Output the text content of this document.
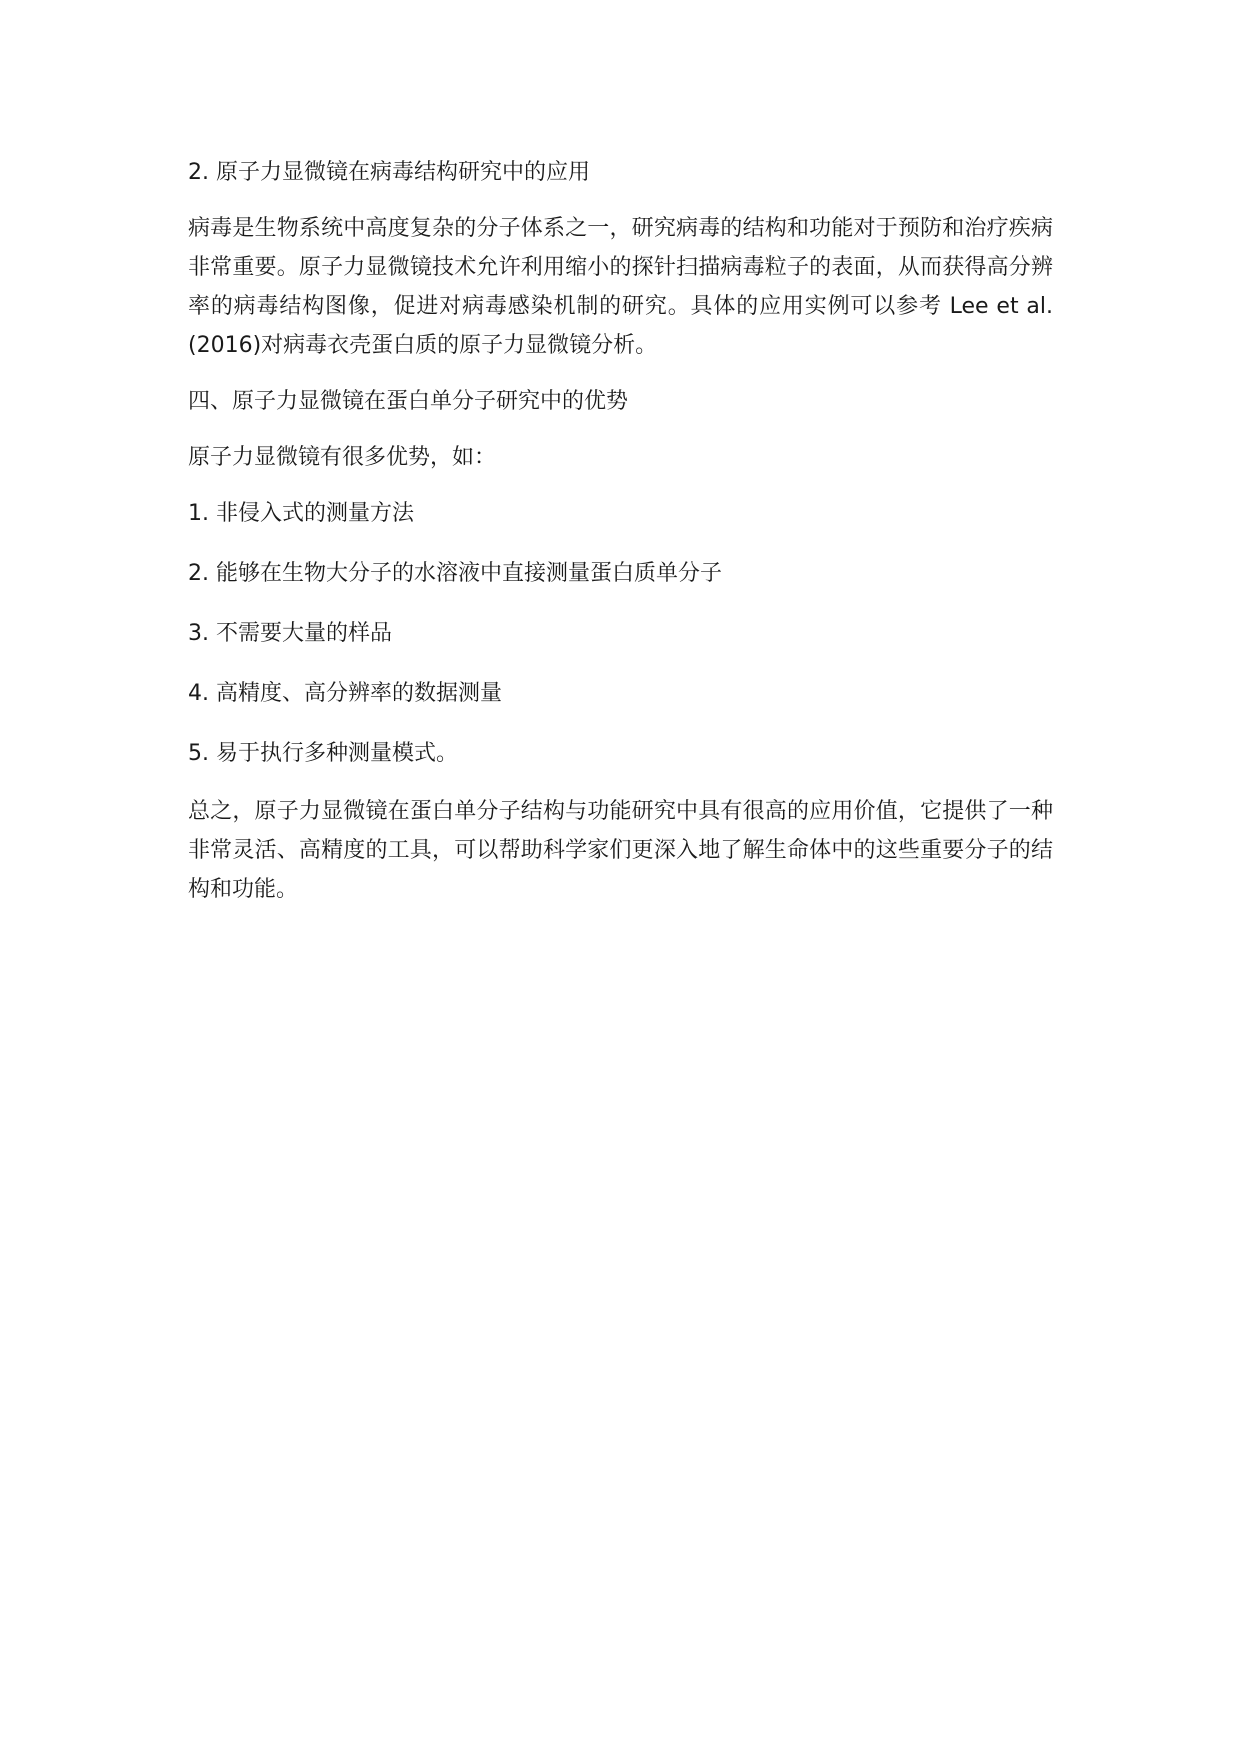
2. 原子力显微镜在病毒结构研究中的应用

病毒是生物系统中高度复杂的分子体系之一，研究病毒的结构和功能对于预防和治疗疾病非常重要。原子力显微镜技术允许利用缩小的探针扫描病毒粒子的表面，从而获得高分辨率的病毒结构图像，促进对病毒感染机制的研究。具体的应用实例可以参考 Lee et al. (2016)对病毒衣壳蛋白质的原子力显微镜分析。

四、原子力显微镜在蛋白单分子研究中的优势

原子力显微镜有很多优势，如：

1. 非侵入式的测量方法

2. 能够在生物大分子的水溶液中直接测量蛋白质单分子

3. 不需要大量的样品

4. 高精度、高分辨率的数据测量

5. 易于执行多种测量模式。

总之，原子力显微镜在蛋白单分子结构与功能研究中具有很高的应用价值，它提供了一种非常灵活、高精度的工具，可以帮助科学家们更深入地了解生命体中的这些重要分子的结构和功能。
